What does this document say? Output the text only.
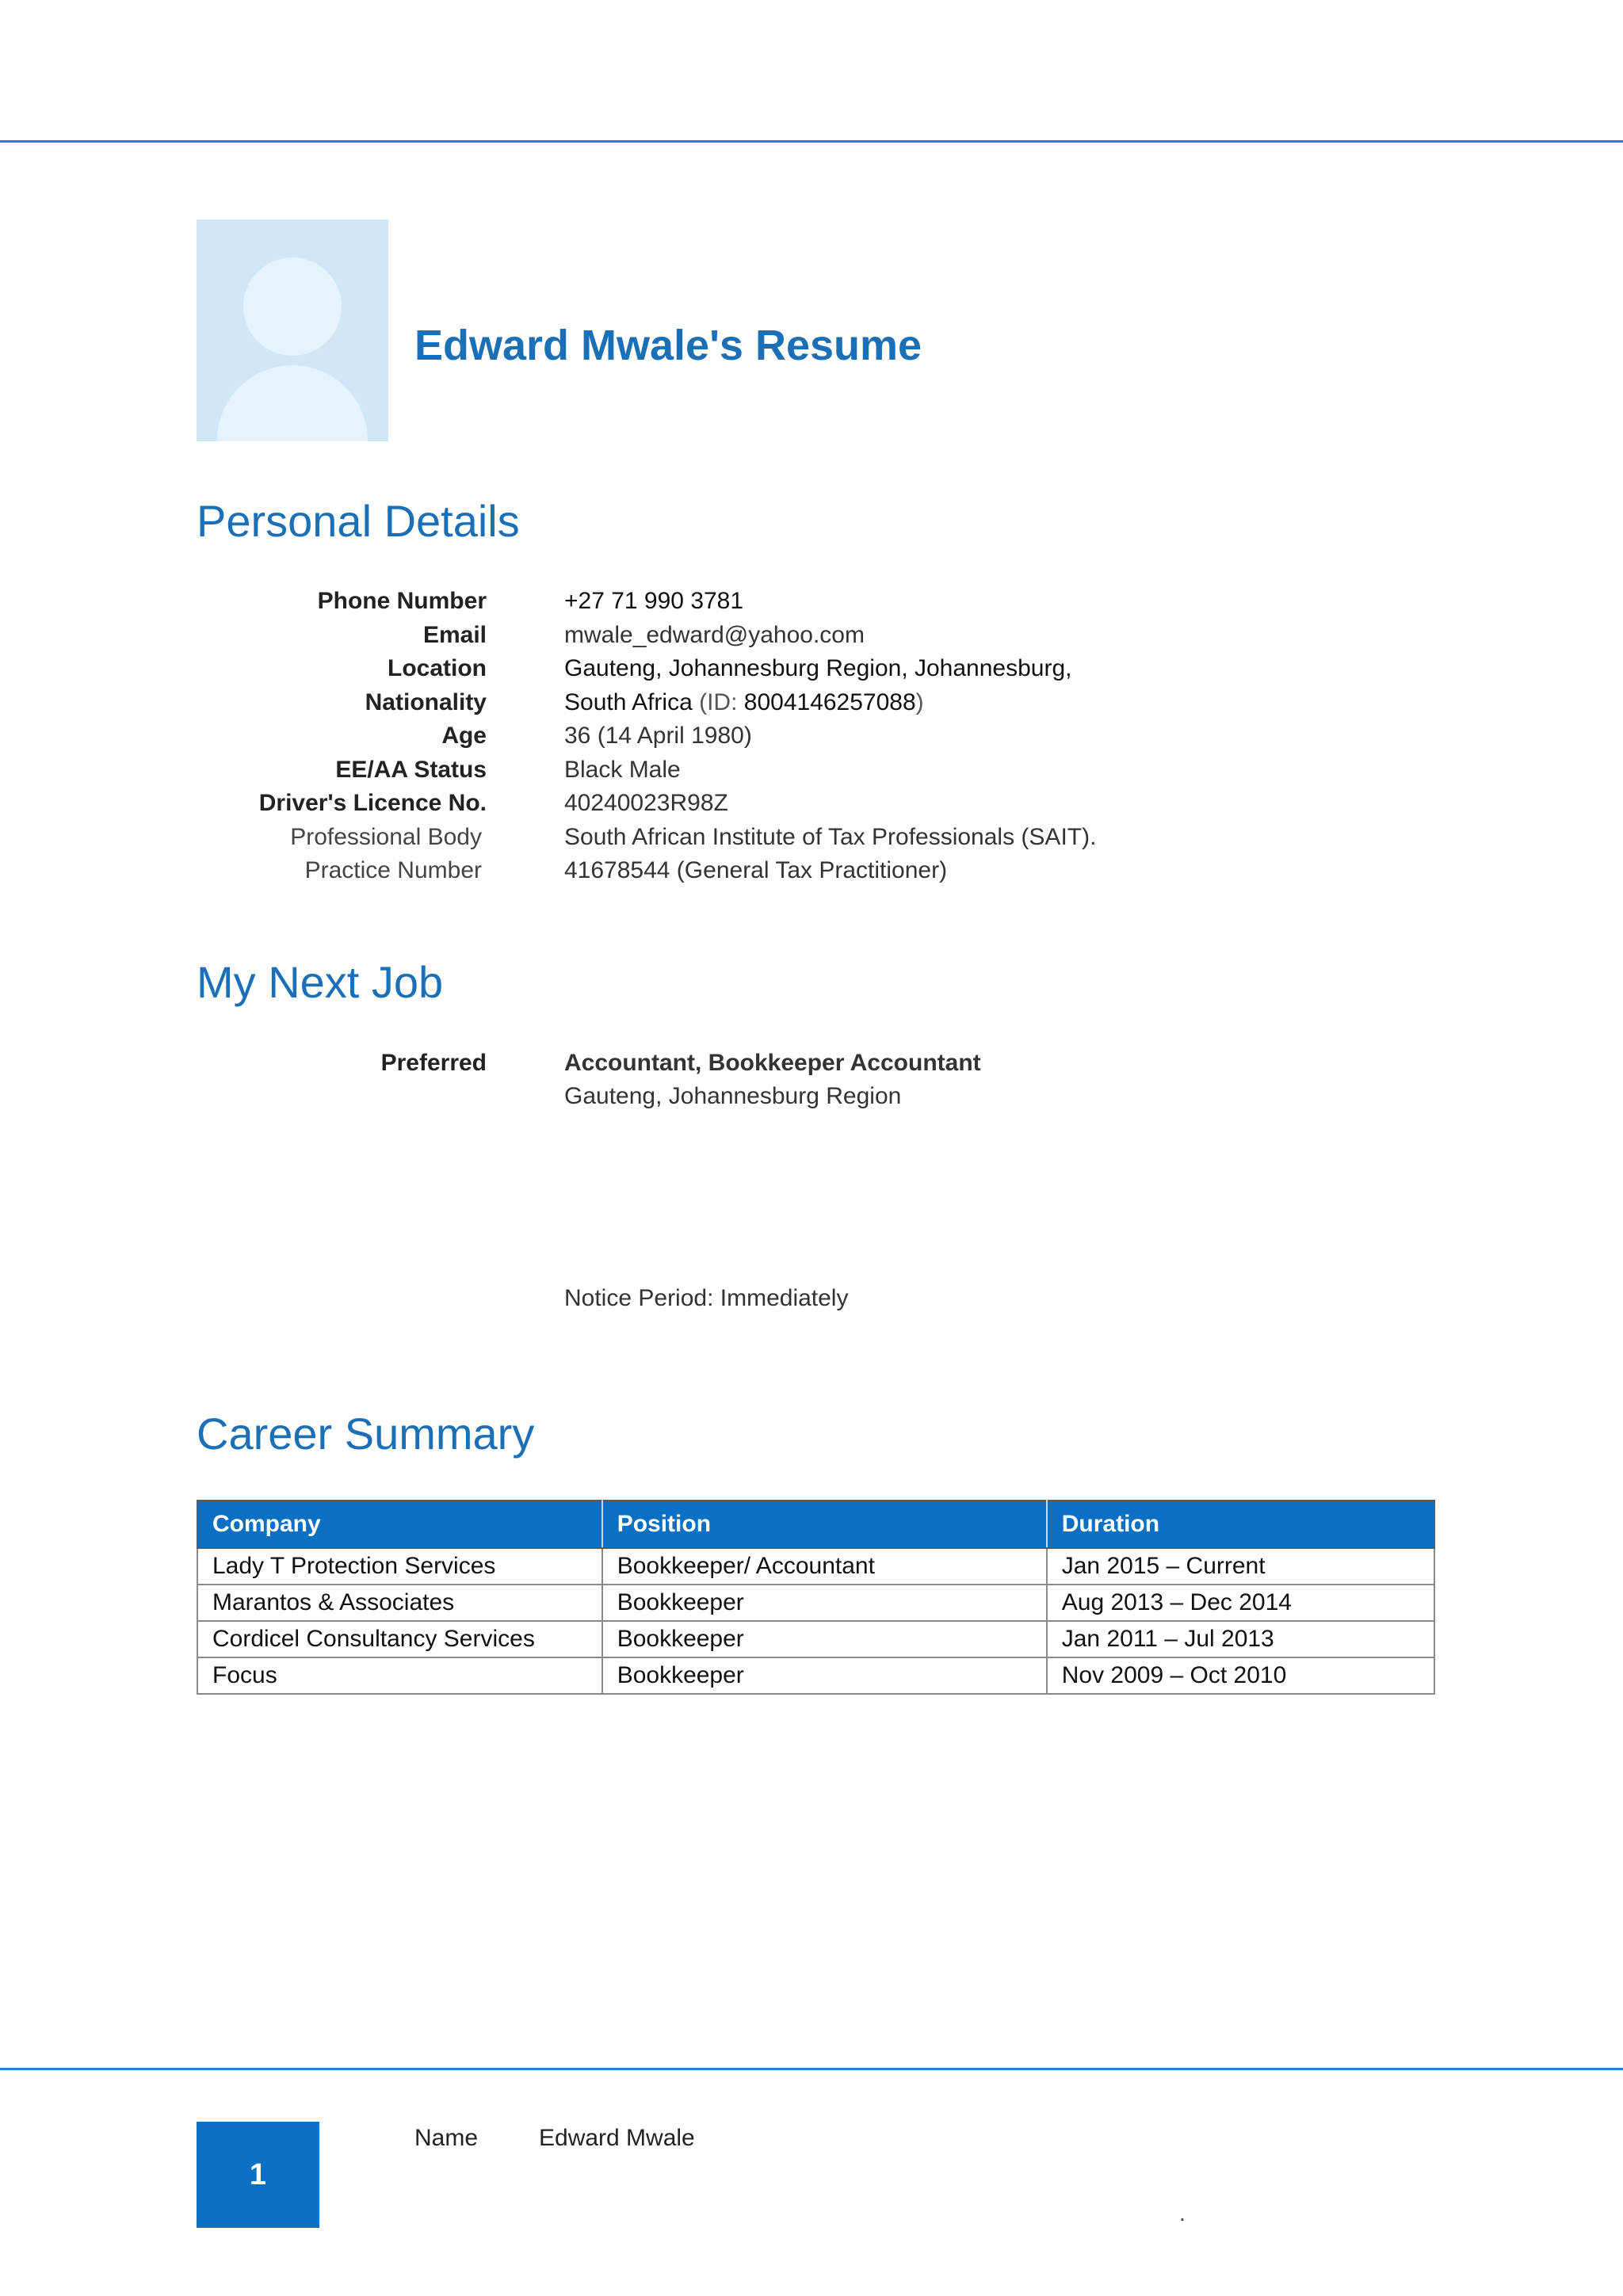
Edward Mwale's Resume
Personal Details
Phone Number	+27 71 990 3781
Email	mwale_edward@yahoo.com
Location	Gauteng, Johannesburg Region, Johannesburg,
Nationality	South Africa (ID: 8004146257088)
Age	36 (14 April 1980)
EE/AA Status	Black Male
Driver's Licence No.	40240023R98Z
Professional Body	South African Institute of Tax Professionals (SAIT).
Practice Number	41678544 (General Tax Practitioner)
My Next Job
Preferred	Accountant, Bookkeeper Accountant
Gauteng, Johannesburg Region
Notice Period: Immediately
Career Summary
Company	Position	Duration
Lady T Protection Services	Bookkeeper/ Accountant	Jan 2015 – Current
Marantos & Associates	Bookkeeper	Aug 2013 – Dec 2014
Cordicel Consultancy Services	Bookkeeper	Jan 2011 – Jul 2013
Focus	Bookkeeper	Nov 2009 – Oct 2010
1
Name	Edward Mwale
.
